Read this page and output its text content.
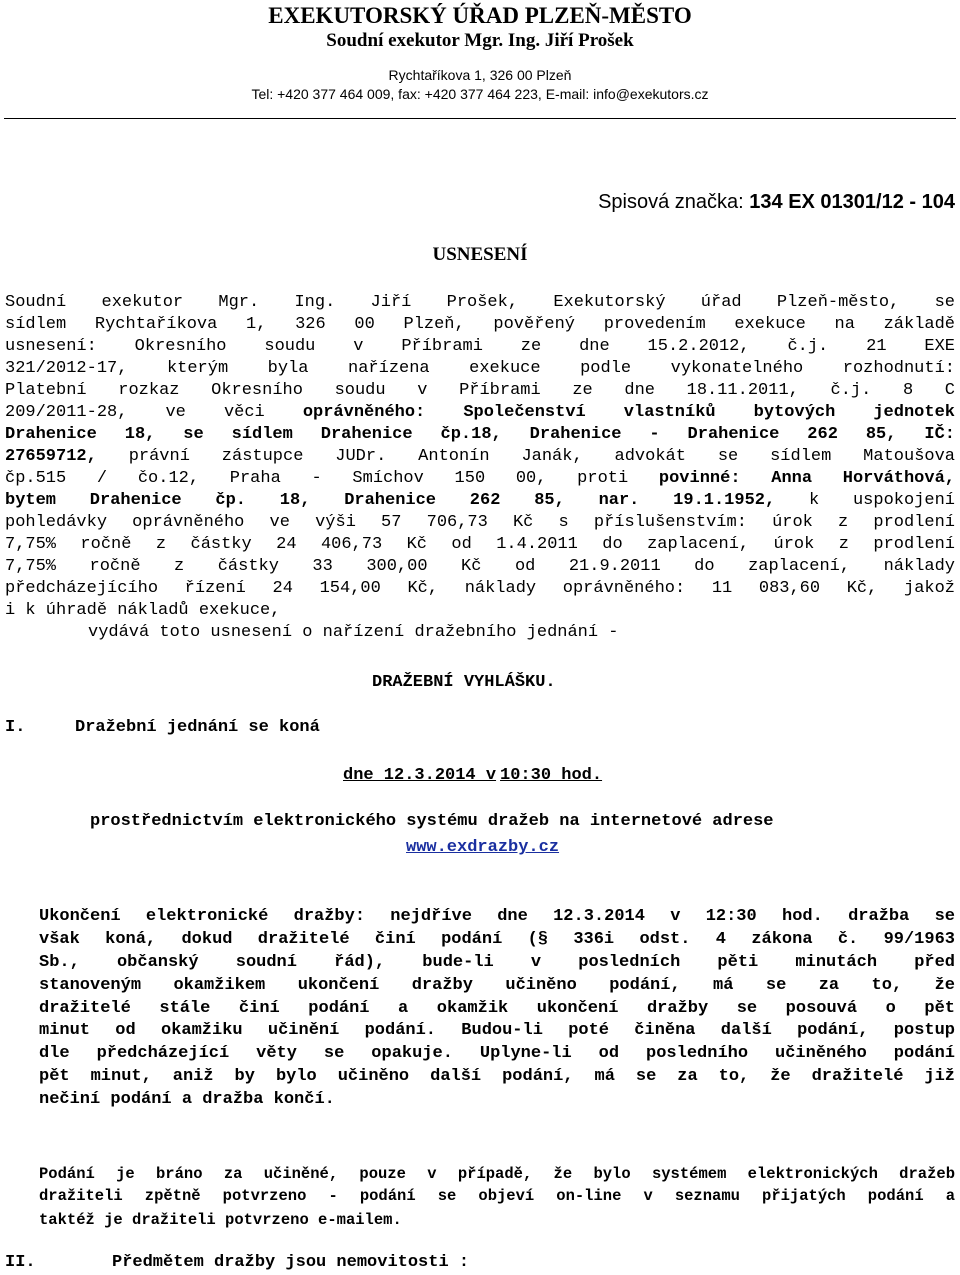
EXEKUTORSKÝ ÚŘAD PLZEŇ-MĚSTO
Soudní exekutor Mgr. Ing. Jiří Prošek
Rychtaříkova 1, 326 00 Plzeň
Tel: +420 377 464 009, fax: +420 377 464 223, E-mail: info@exekutors.cz
Spisová značka: 134 EX 01301/12 - 104
USNESENÍ
Soudní exekutor Mgr. Ing. Jiří Prošek, Exekutorský úřad Plzeň-město, se
sídlem Rychtaříkova 1, 326 00 Plzeň, pověřený provedením exekuce na základě
usnesení: Okresního soudu v Příbrami ze dne 15.2.2012, č.j. 21 EXE
321/2012-17, kterým byla nařízena exekuce podle vykonatelného rozhodnutí:
Platební rozkaz Okresního soudu v Příbrami ze dne 18.11.2011, č.j. 8 C
209/2011-28, ve věci oprávněného: Společenství vlastníků bytových jednotek
Drahenice 18, se sídlem Drahenice čp.18, Drahenice - Drahenice 262 85, IČ:
27659712, právní zástupce JUDr. Antonín Janák, advokát se sídlem Matoušova
čp.515 / čo.12, Praha - Smíchov 150 00, proti povinné: Anna Horváthová,
bytem Drahenice čp. 18, Drahenice 262 85, nar. 19.1.1952, k uspokojení
pohledávky oprávněného ve výši 57 706,73 Kč s příslušenstvím: úrok z prodlení
7,75% ročně z částky 24 406,73 Kč od 1.4.2011 do zaplacení, úrok z prodlení
7,75% ročně z částky 33 300,00 Kč od 21.9.2011 do zaplacení, náklady
předcházejícího řízení 24 154,00 Kč, náklady oprávněného: 11 083,60 Kč, jakož
i k úhradě nákladů exekuce,
vydává toto usnesení o nařízení dražebního jednání -
DRAŽEBNÍ VYHLÁŠKU.
I.	Dražební jednání se koná
dne 12.3.2014 v 10:30 hod.
prostřednictvím elektronického systému dražeb na internetové adrese
www.exdrazby.cz
Ukončení elektronické dražby: nejdříve dne 12.3.2014 v 12:30 hod. dražba se
však koná, dokud dražitelé činí podání (§ 336i odst. 4 zákona č. 99/1963
Sb., občanský soudní řád), bude-li v posledních pěti minutách před
stanoveným okamžikem ukončení dražby učiněno podání, má se za to, že
dražitelé stále činí podání a okamžik ukončení dražby se posouvá o pět
minut od okamžiku učinění podání. Budou-li poté činěna další podání, postup
dle předcházející věty se opakuje. Uplyne-li od posledního učiněného podání
pět minut, aniž by bylo učiněno další podání, má se za to, že dražitelé již
nečiní podání a dražba končí.
Podání je bráno za učiněné, pouze v případě, že bylo systémem elektronických dražeb
dražiteli zpětně potvrzeno - podání se objeví on-line v seznamu přijatých podání a
taktéž je dražiteli potvrzeno e-mailem.
II.	Předmětem dražby jsou nemovitosti :
